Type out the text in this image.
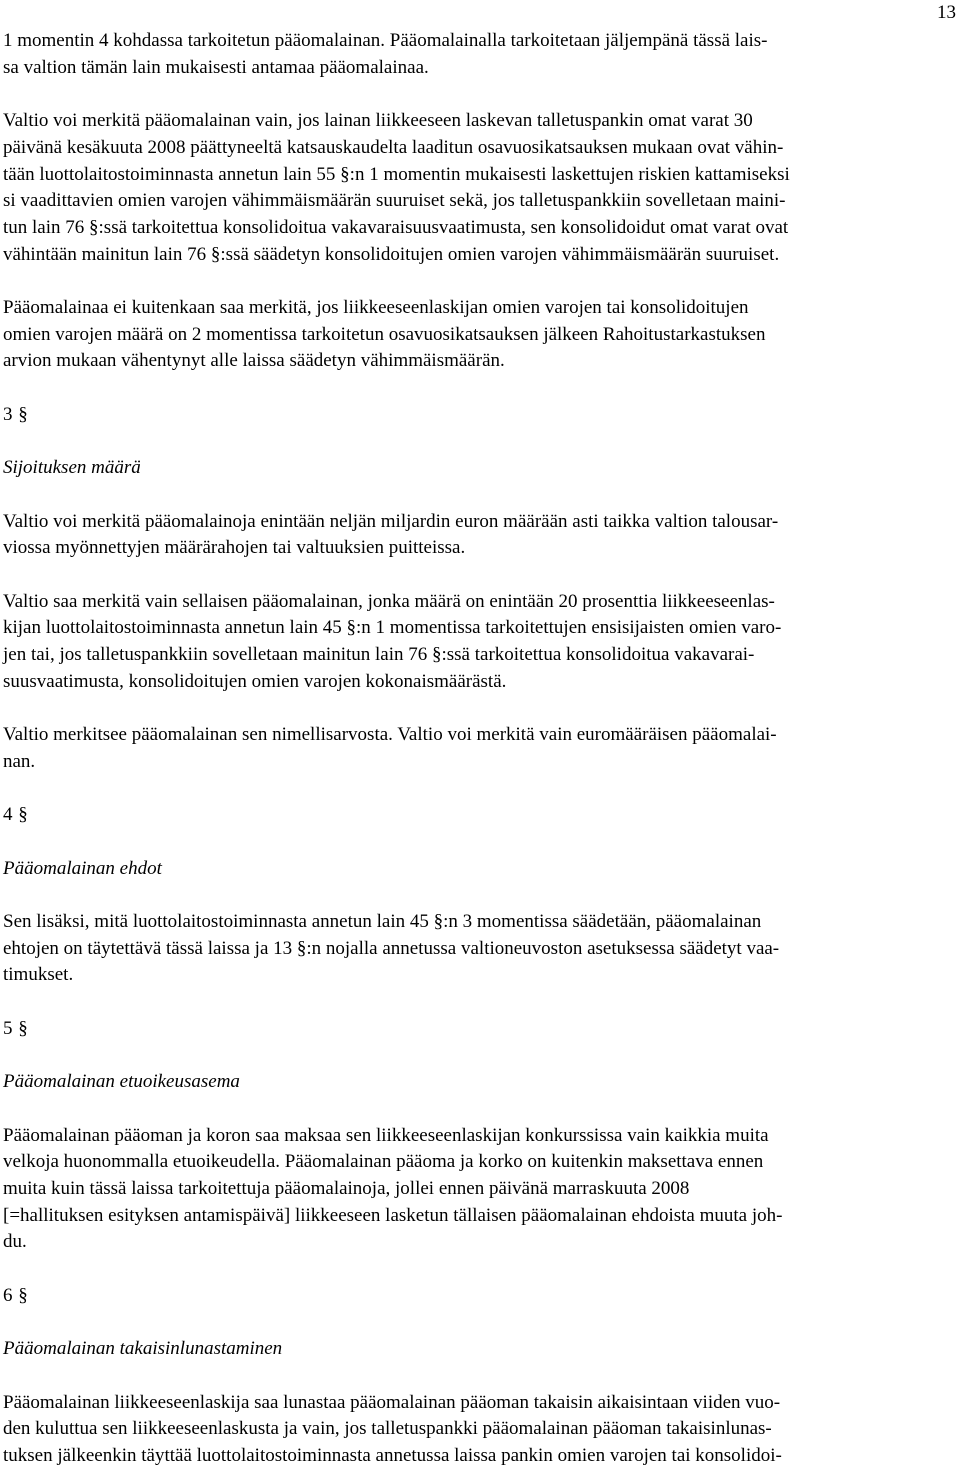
13

1 momentin 4 kohdassa tarkoitetun pääomalainan. Pääomalainalla tarkoitetaan jäljempänä tässä lais-
sa valtion tämän lain mukaisesti antamaa pääomalainaa.

Valtio voi merkitä pääomalainan vain, jos lainan liikkeeseen laskevan talletuspankin omat varat 30
päivänä kesäkuuta 2008 päättyneeltä katsauskaudelta laaditun osavuosikatsauksen mukaan ovat vähin-
tään luottolaitostoiminnasta annetun lain 55 §:n 1 momentin mukaisesti laskettujen riskien kattamiseksi
si vaadittavien omien varojen vähimmäismäärän suuruiset sekä, jos talletuspankkiin sovelletaan maini-
tun lain 76 §:ssä tarkoitettua konsolidoitua vakavaraisuusvaatimusta, sen konsolidoidut omat varat ovat
vähintään mainitun lain 76 §:ssä säädetyn konsolidoitujen omien varojen vähimmäismäärän suuruiset.

Pääomalainaa ei kuitenkaan saa merkitä, jos liikkeeseenlaskijan omien varojen tai konsolidoitujen
omien varojen määrä on 2 momentissa tarkoitetun osavuosikatsauksen jälkeen Rahoitustarkastuksen
arvion mukaan vähentynyt alle laissa säädetyn vähimmäismäärän.

3 §

Sijoituksen määrä

Valtio voi merkitä pääomalainoja enintään neljän miljardin euron määrään asti taikka valtion talousar-
viossa myönnettyjen määrärahojen tai valtuuksien puitteissa.

Valtio saa merkitä vain sellaisen pääomalainan, jonka määrä on enintään 20 prosenttia liikkeeseenlas-
kijan luottolaitostoiminnasta annetun lain 45 §:n 1 momentissa tarkoitettujen ensisijaisten omien varo-
jen tai, jos talletuspankkiin sovelletaan mainitun lain 76 §:ssä tarkoitettua konsolidoitua vakavarai-
suusvaatimusta, konsolidoitujen omien varojen kokonaismäärästä.

Valtio merkitsee pääomalainan sen nimellisarvosta. Valtio voi merkitä vain euromääräisen pääomalai-
nan.

4 §

Pääomalainan ehdot

Sen lisäksi, mitä luottolaitostoiminnasta annetun lain 45 §:n 3 momentissa säädetään, pääomalainan
ehtojen on täytettävä tässä laissa ja 13 §:n nojalla annetussa valtioneuvoston asetuksessa säädetyt vaa-
timukset.

5 §

Pääomalainan etuoikeusasema

Pääomalainan pääoman ja koron saa maksaa sen liikkeeseenlaskijan konkurssissa vain kaikkia muita
velkoja huonommalla etuoikeudella. Pääomalainan pääoma ja korko on kuitenkin maksettava ennen
muita kuin tässä laissa tarkoitettuja pääomalainoja, jollei ennen päivänä marraskuuta 2008
[=hallituksen esityksen antamispäivä] liikkeeseen lasketun tällaisen pääomalainan ehdoista muuta joh-
du.

6 §

Pääomalainan takaisinlunastaminen

Pääomalainan liikkeeseenlaskija saa lunastaa pääomalainan pääoman takaisin aikaisintaan viiden vuo-
den kuluttua sen liikkeeseenlaskusta ja vain, jos talletuspankki pääomalainan pääoman takaisinlunas-
tuksen jälkeenkin täyttää luottolaitostoiminnasta annetussa laissa pankin omien varojen tai konsolidoi-
